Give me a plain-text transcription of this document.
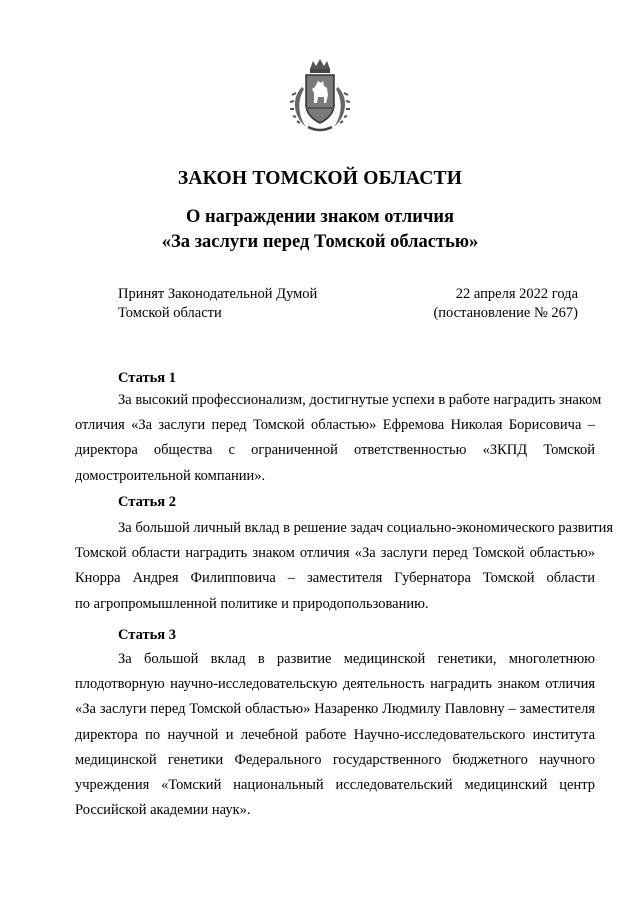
ЗАКОН ТОМСКОЙ ОБЛАСТИ
О награждении знаком отличия
«За заслуги перед Томской областью»
Принят Законодательной Думой
Томской области
22 апреля 2022 года
(постановление № 267)
Статья 1
За высокий профессионализм, достигнутые успехи в работе наградить знаком
отличия «За заслуги перед Томской областью» Ефремова Николая Борисовича –
директора общества с ограниченной ответственностью «ЗКПД Томской
домостроительной компании».
Статья 2
За большой личный вклад в решение задач социально-экономического развития
Томской области наградить знаком отличия «За заслуги перед Томской областью»
Кнорра Андрея Филипповича – заместителя Губернатора Томской области
по агропромышленной политике и природопользованию.
Статья 3
За большой вклад в развитие медицинской генетики, многолетнюю
плодотворную научно-исследовательскую деятельность наградить знаком отличия
«За заслуги перед Томской областью» Назаренко Людмилу Павловну – заместителя
директора по научной и лечебной работе Научно-исследовательского института
медицинской генетики Федерального государственного бюджетного научного
учреждения «Томский национальный исследовательский медицинский центр
Российской академии наук».
